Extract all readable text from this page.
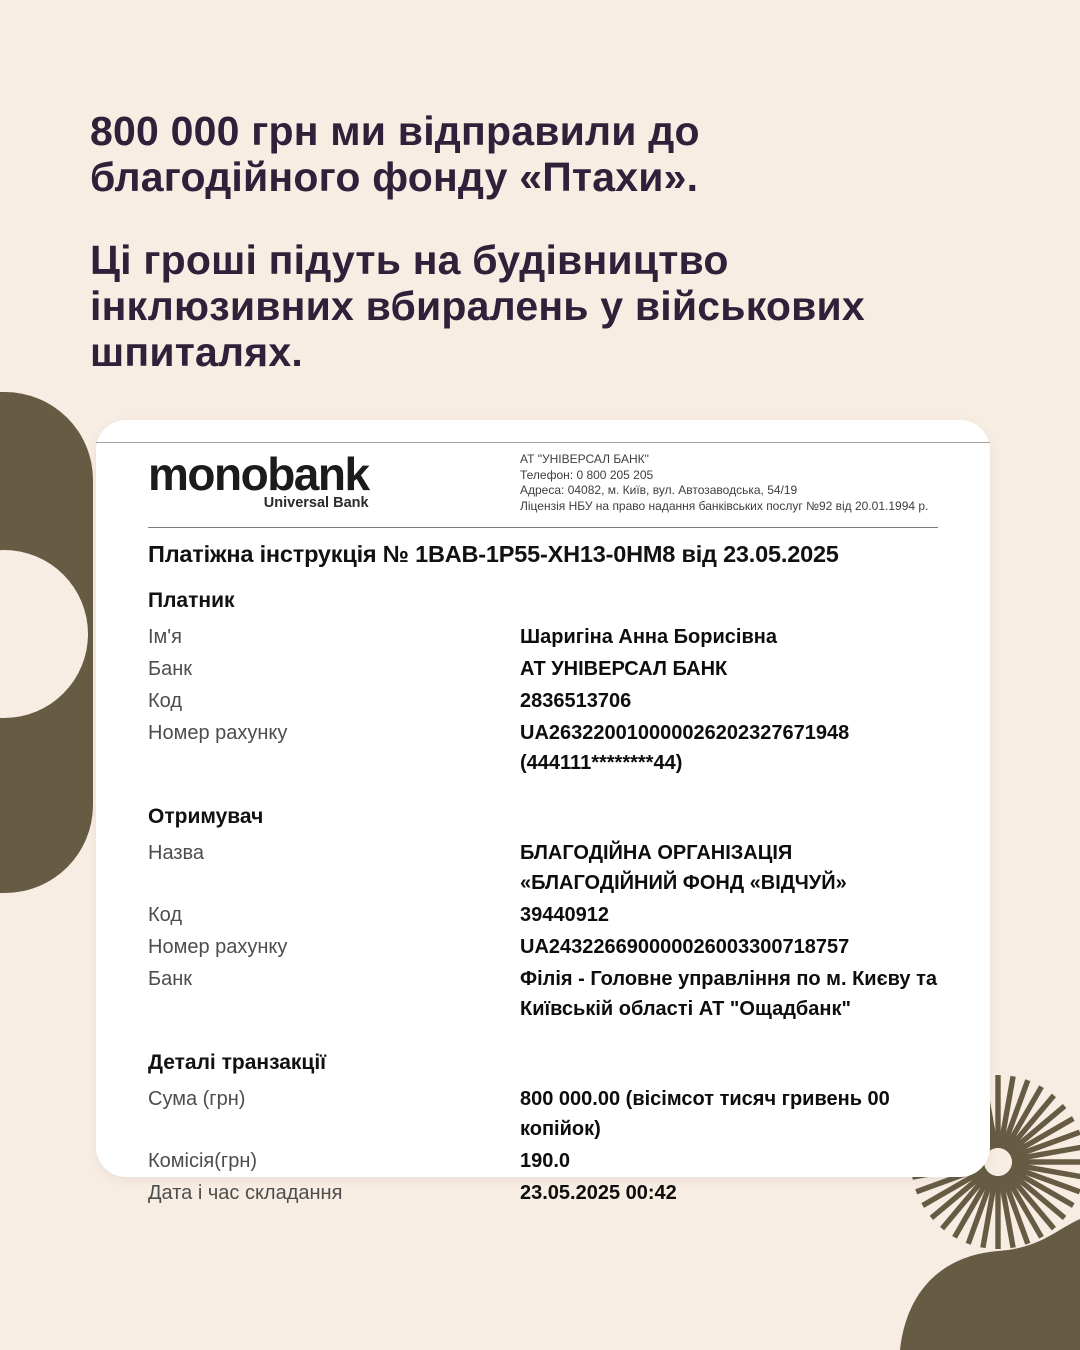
800 000 грн ми відправили до благодійного фонду «Птахи».

Ці гроші підуть на будівництво інклюзивних вбиралень у військових шпиталях.

monobank
Universal Bank
АТ "УНІВЕРСАЛ БАНК"
Телефон: 0 800 205 205
Адреса: 04082, м. Київ, вул. Автозаводська, 54/19
Ліцензія НБУ на право надання банківських послуг №92 від 20.01.1994 р.
Платіжна інструкція № 1BAB-1P55-XH13-0HM8 від 23.05.2025
Платник
Ім'я	Шаригіна Анна Борисівна
Банк	АТ УНІВЕРСАЛ БАНК
Код	2836513706
Номер рахунку	UA263220010000026202327671948 (444111********44)
Отримувач
Назва	БЛАГОДІЙНА ОРГАНІЗАЦІЯ «БЛАГОДІЙНИЙ ФОНД «ВІДЧУЙ»
Код	39440912
Номер рахунку	UA243226690000026003300718757
Банк	Філія - Головне управління по м. Києву та Київській області АТ "Ощадбанк"
Деталі транзакції
Сума (грн)	800 000.00 (вісімсот тисяч гривень 00 копійок)
Комісія(грн)	190.0
Дата і час складання	23.05.2025 00:42
